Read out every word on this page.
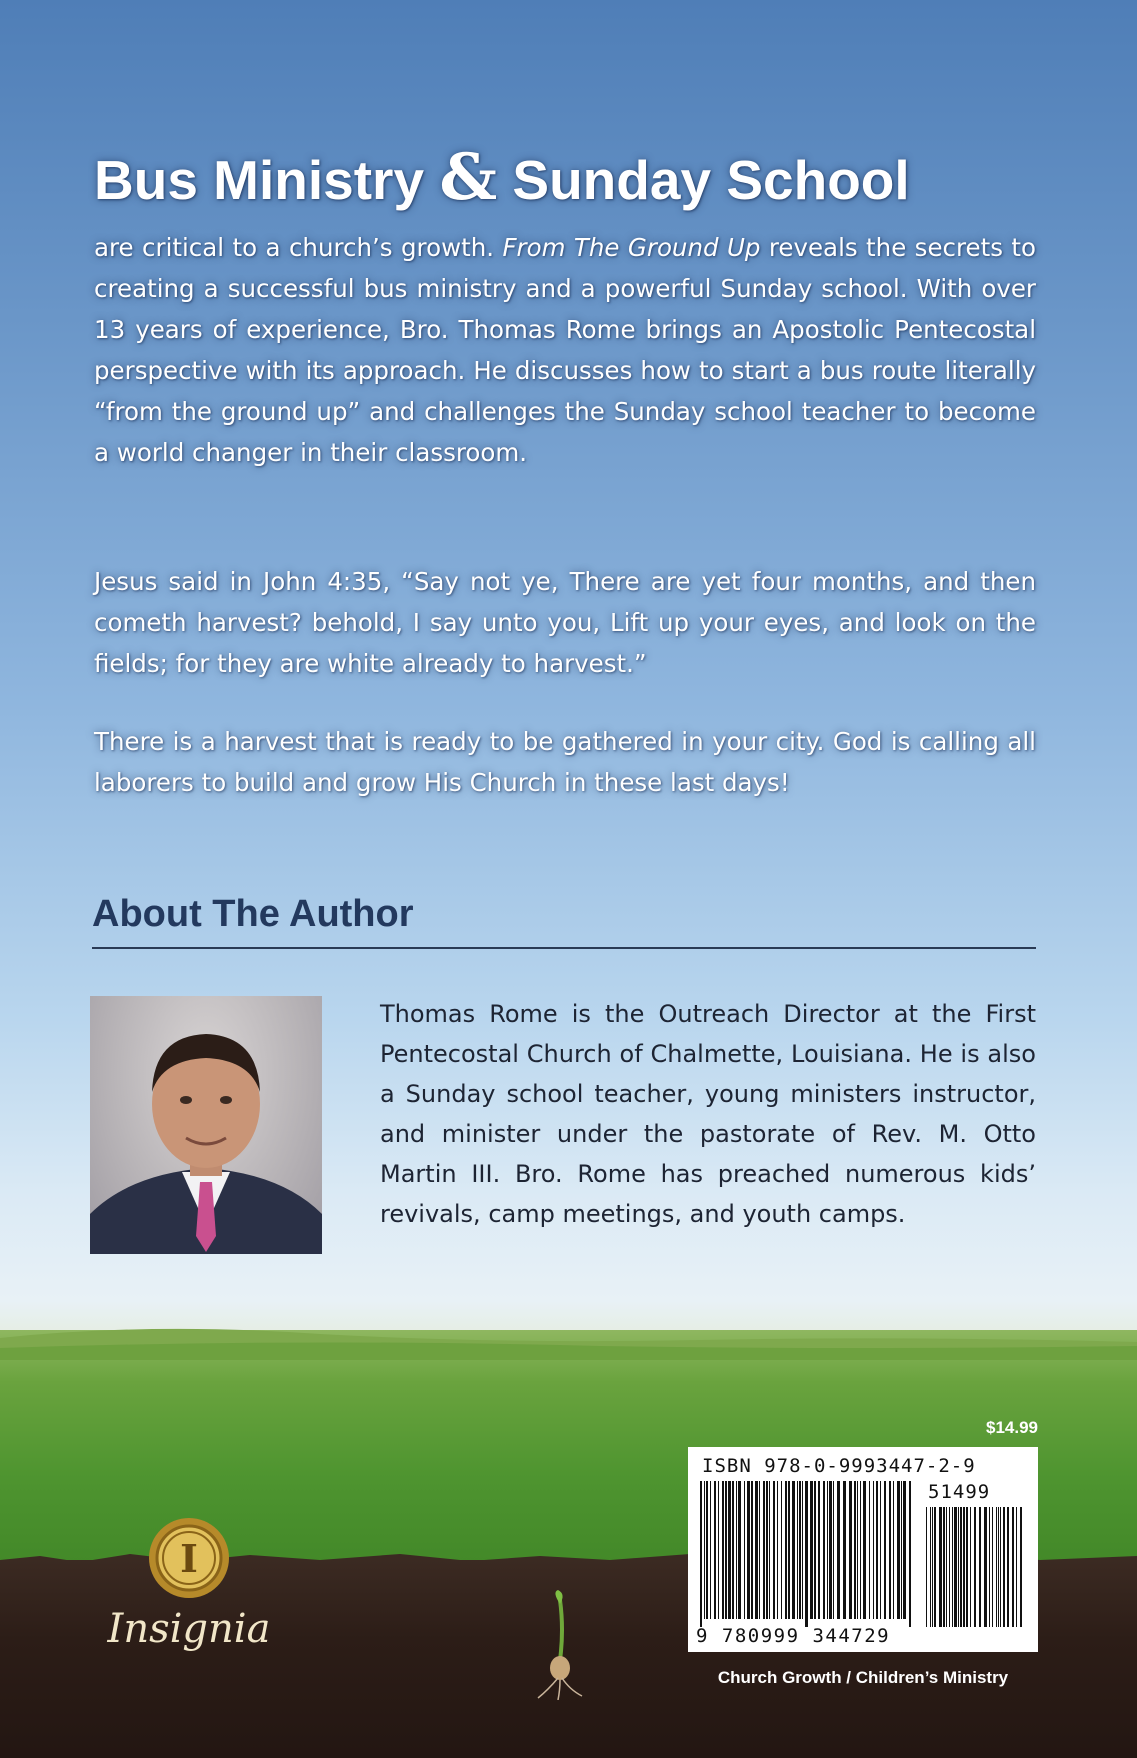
Bus Ministry & Sunday School
are critical to a church’s growth. From The Ground Up reveals the secrets to creating a successful bus ministry and a powerful Sunday school. With over 13 years of experience, Bro. Thomas Rome brings an Apostolic Pentecostal perspective with its approach. He discusses how to start a bus route literally “from the ground up” and challenges the Sunday school teacher to become a world changer in their classroom.
Jesus said in John 4:35, “Say not ye, There are yet four months, and then cometh harvest? behold, I say unto you, Lift up your eyes, and look on the fields; for they are white already to harvest.”
There is a harvest that is ready to be gathered in your city. God is calling all laborers to build and grow His Church in these last days!
About The Author
Thomas Rome is the Outreach Director at the First Pentecostal Church of Chalmette, Louisiana. He is also a Sunday school teacher, young ministers instructor, and minister under the pastorate of Rev. M. Otto Martin III. Bro. Rome has preached numerous kids’ revivals, camp meetings, and youth camps.
$14.99
ISBN 978-0-9993447-2-9
51499
9 780999 344729
Church Growth / Children’s Ministry
I
Insignia
